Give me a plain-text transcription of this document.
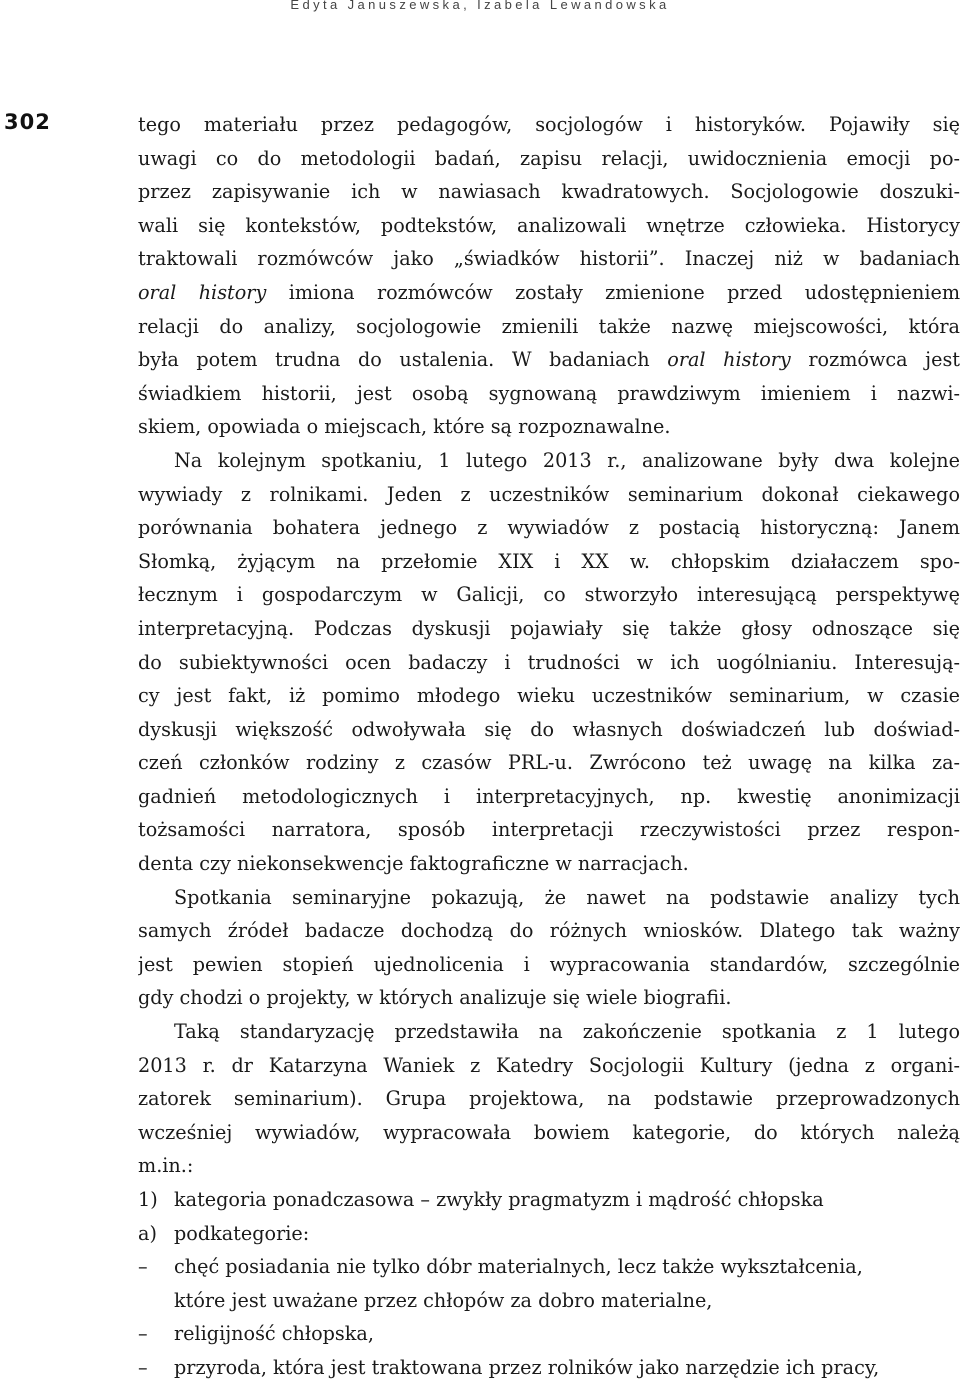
Edyta Januszewska, Izabela Lewandowska
302	tego materiału przez pedagogów, socjologów i historyków. Pojawiły się
uwagi co do metodologii badań, zapisu relacji, uwidocznienia emocji po-
przez zapisywanie ich w nawiasach kwadratowych. Socjologowie doszuki-
wali się kontekstów, podtekstów, analizowali wnętrze człowieka. Historycy
traktowali rozmówców jako „świadków historii”. Inaczej niż w badaniach
oral history imiona rozmówców zostały zmienione przed udostępnieniem
relacji do analizy, socjologowie zmienili także nazwę miejscowości, która
była potem trudna do ustalenia. W badaniach oral history rozmówca jest
świadkiem historii, jest osobą sygnowaną prawdziwym imieniem i nazwi-
skiem, opowiada o miejscach, które są rozpoznawalne.
Na kolejnym spotkaniu, 1 lutego 2013 r., analizowane były dwa kolejne
wywiady z rolnikami. Jeden z uczestników seminarium dokonał ciekawego
porównania bohatera jednego z wywiadów z postacią historyczną: Janem
Słomką, żyjącym na przełomie XIX i XX w. chłopskim działaczem spo-
łecznym i gospodarczym w Galicji, co stworzyło interesującą perspektywę
interpretacyjną. Podczas dyskusji pojawiały się także głosy odnoszące się
do subiektywności ocen badaczy i trudności w ich uogólnianiu. Interesują-
cy jest fakt, iż pomimo młodego wieku uczestników seminarium, w czasie
dyskusji większość odwoływała się do własnych doświadczeń lub doświad-
czeń członków rodziny z czasów PRL-u. Zwrócono też uwagę na kilka za-
gadnień metodologicznych i interpretacyjnych, np. kwestię anonimizacji
tożsamości narratora, sposób interpretacji rzeczywistości przez respon-
denta czy niekonsekwencje faktograficzne w narracjach.
Spotkania seminaryjne pokazują, że nawet na podstawie analizy tych
samych źródeł badacze dochodzą do różnych wniosków. Dlatego tak ważny
jest pewien stopień ujednolicenia i wypracowania standardów, szczególnie
gdy chodzi o projekty, w których analizuje się wiele biografii.
Taką standaryzację przedstawiła na zakończenie spotkania z 1 lutego
2013 r. dr Katarzyna Waniek z Katedry Socjologii Kultury (jedna z organi-
zatorek seminarium). Grupa projektowa, na podstawie przeprowadzonych
wcześniej wywiadów, wypracowała bowiem kategorie, do których należą
m.in.:
1) kategoria ponadczasowa – zwykły pragmatyzm i mądrość chłopska
a) podkategorie:
– chęć posiadania nie tylko dóbr materialnych, lecz także wykształcenia,
które jest uważane przez chłopów za dobro materialne,
– religijność chłopska,
– przyroda, która jest traktowana przez rolników jako narzędzie ich pracy,
